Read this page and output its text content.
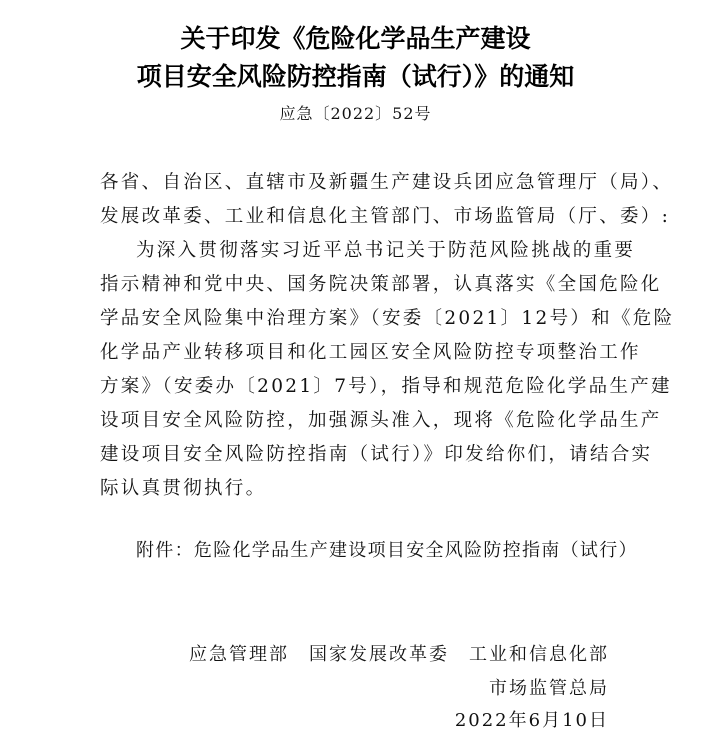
关于印发《危险化学品生产建设
项目安全风险防控指南（试行）》的通知
应急〔2022〕52号
各省、自治区、直辖市及新疆生产建设兵团应急管理厅（局）、
发展改革委、工业和信息化主管部门、市场监管局（厅、委）:
为深入贯彻落实习近平总书记关于防范风险挑战的重要
指示精神和党中央、国务院决策部署，认真落实《全国危险化
学品安全风险集中治理方案》（安委〔2021〕12号）和《危险
化学品产业转移项目和化工园区安全风险防控专项整治工作
方案》（安委办〔2021〕7号），指导和规范危险化学品生产建
设项目安全风险防控，加强源头准入，现将《危险化学品生产
建设项目安全风险防控指南（试行）》印发给你们，请结合实
际认真贯彻执行。
附件：危险化学品生产建设项目安全风险防控指南（试行）
应急管理部　国家发展改革委　工业和信息化部
市场监管总局
2022年6月10日
